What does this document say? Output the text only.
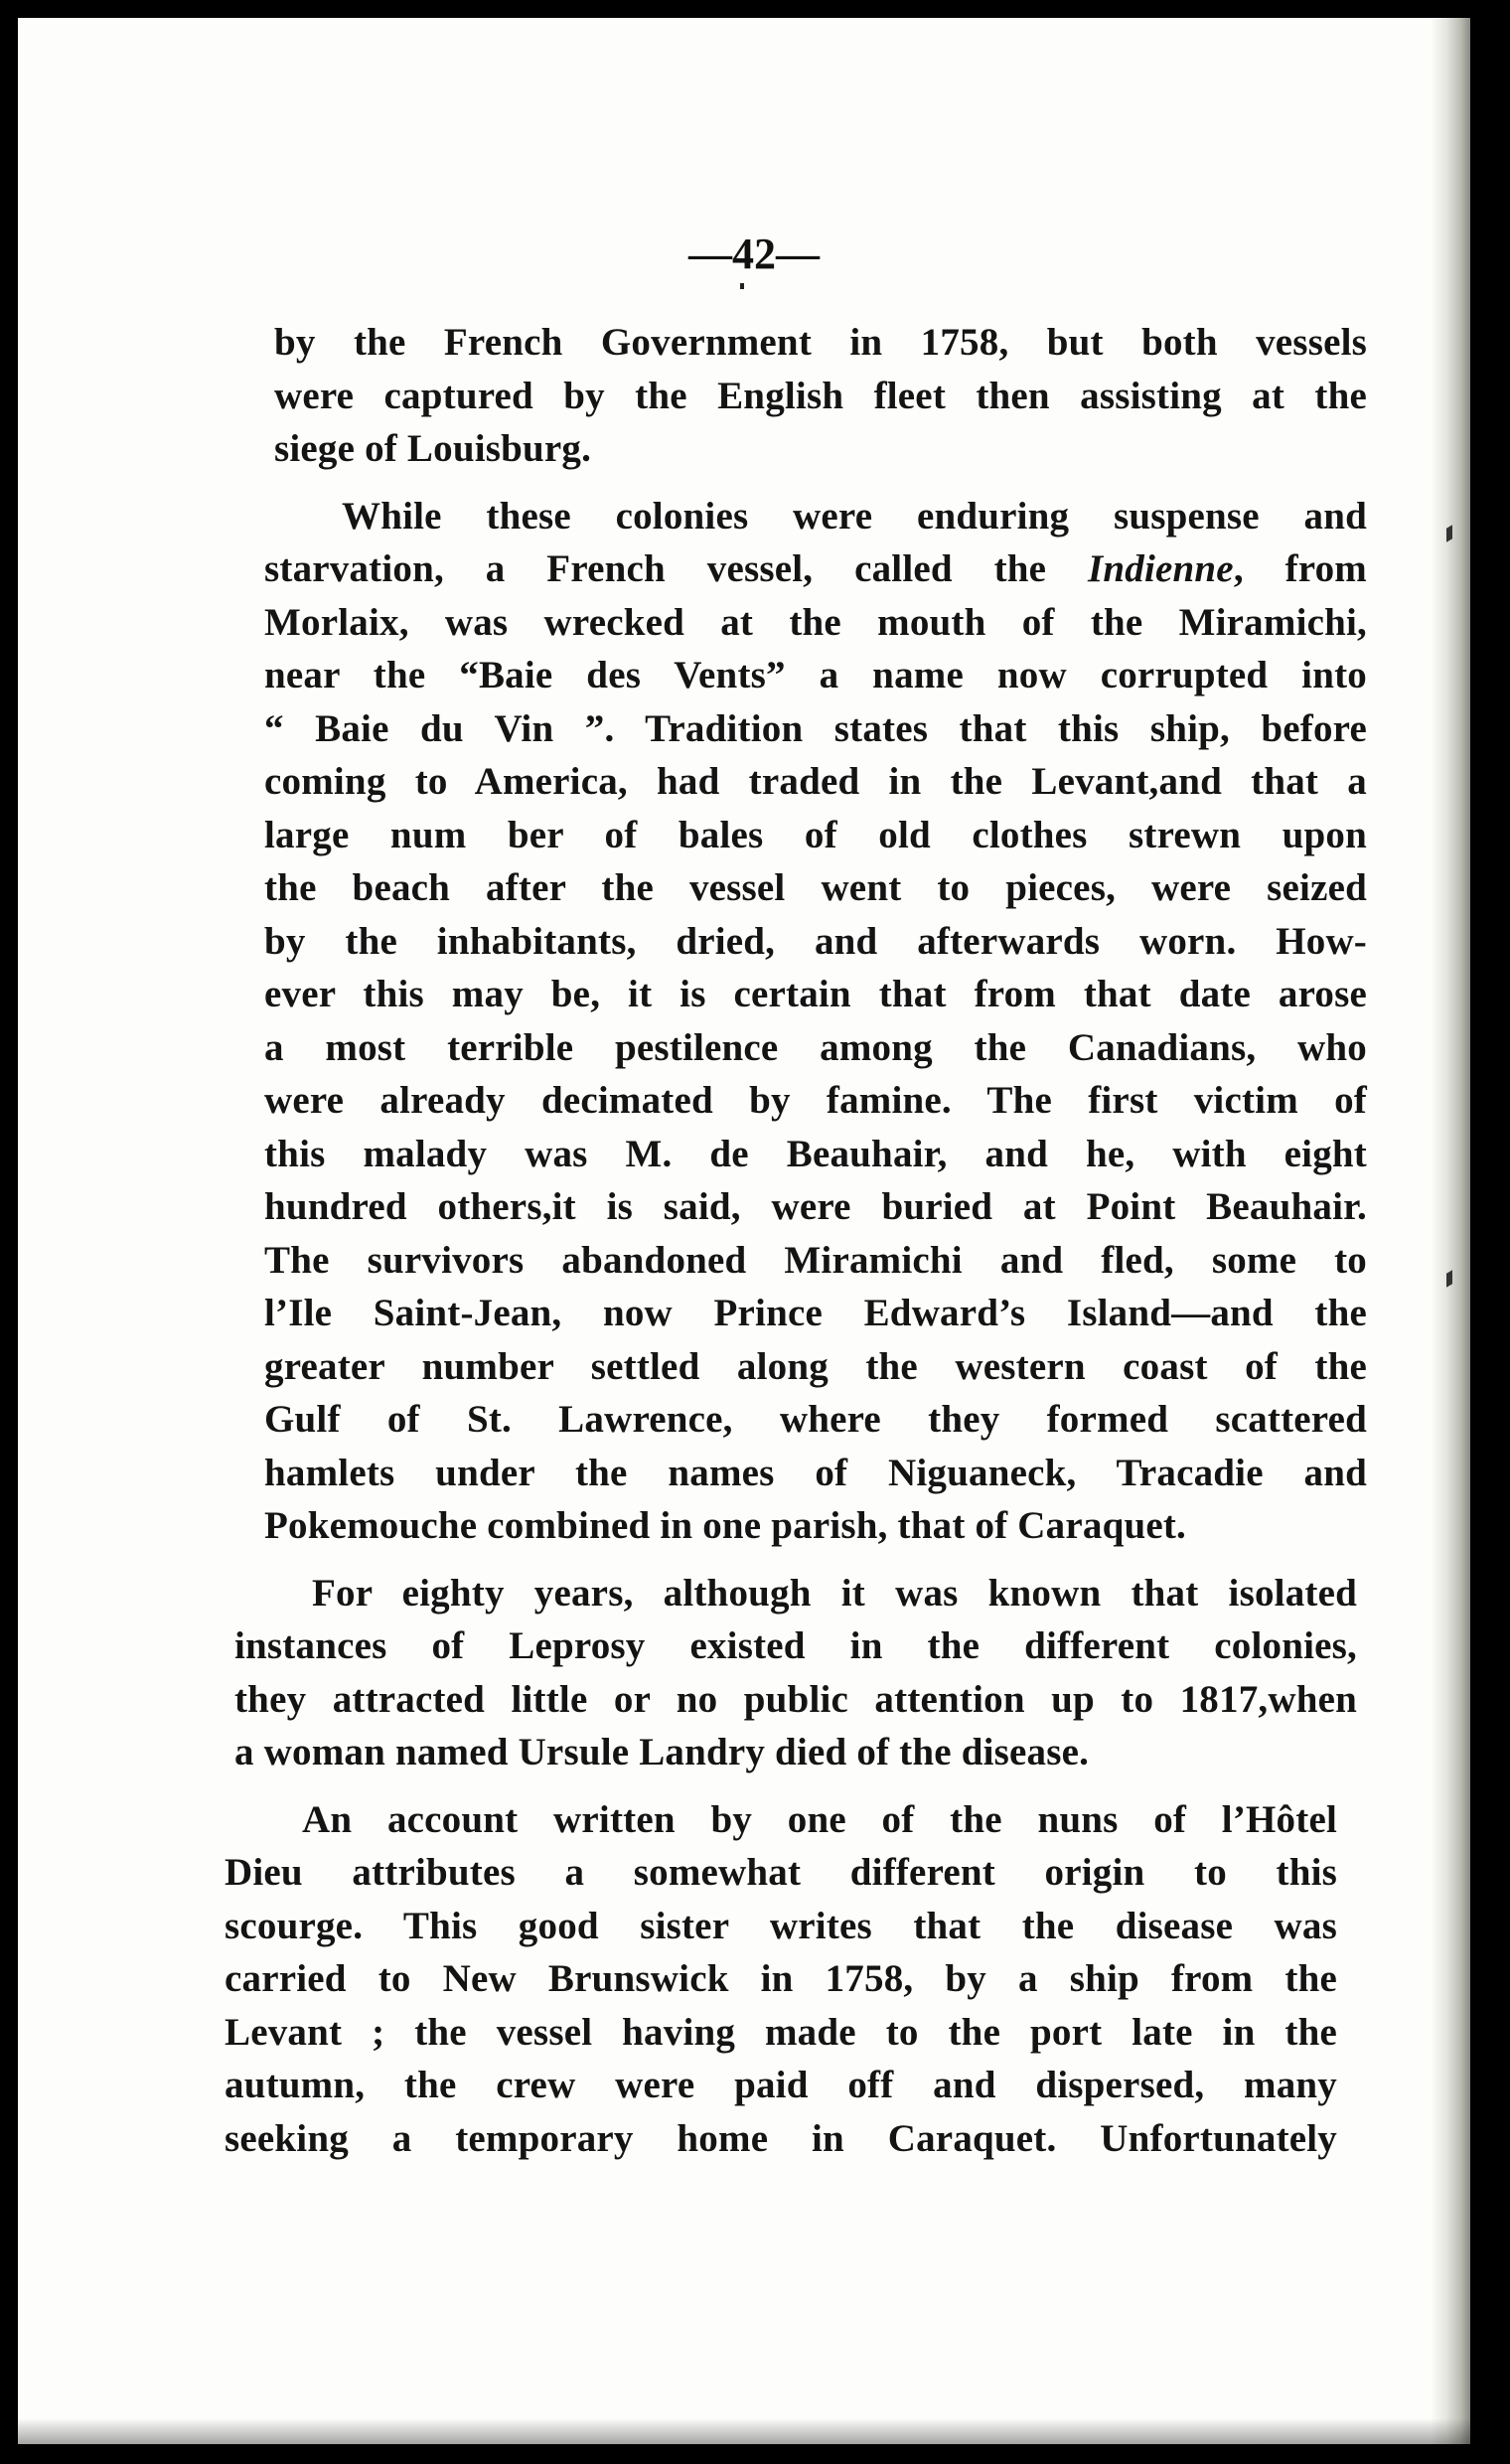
—42—

by the French Government in 1758, but both vessels
were captured by the English fleet then assisting at the
siege of Louisburg.

While these colonies were enduring suspense and
starvation, a French vessel, called the Indienne, from
Morlaix, was wrecked at the mouth of the Miramichi,
near the “Baie des Vents” a name now corrupted into
“ Baie du Vin ”. Tradition states that this ship, before
coming to America, had traded in the Levant,and that a
large num ber of bales of old clothes strewn upon
the beach after the vessel went to pieces, were seized
by the inhabitants, dried, and afterwards worn. How-
ever this may be, it is certain that from that date arose
a most terrible pestilence among the Canadians, who
were already decimated by famine. The first victim of
this malady was M. de Beauhair, and he, with eight
hundred others,it is said, were buried at Point Beauhair.
The survivors abandoned Miramichi and fled, some to
l’Ile Saint-Jean, now Prince Edward’s Island—and the
greater number settled along the western coast of the
Gulf of St. Lawrence, where they formed scattered
hamlets under the names of Niguaneck, Tracadie and
Pokemouche combined in one parish, that of Caraquet.

For eighty years, although it was known that isolated
instances of Leprosy existed in the different colonies,
they attracted little or no public attention up to 1817,when
a woman named Ursule Landry died of the disease.

An account written by one of the nuns of l’Hôtel
Dieu attributes a somewhat different origin to this
scourge. This good sister writes that the disease was
carried to New Brunswick in 1758, by a ship from the
Levant ; the vessel having made to the port late in the
autumn, the crew were paid off and dispersed, many
seeking a temporary home in Caraquet. Unfortunately
